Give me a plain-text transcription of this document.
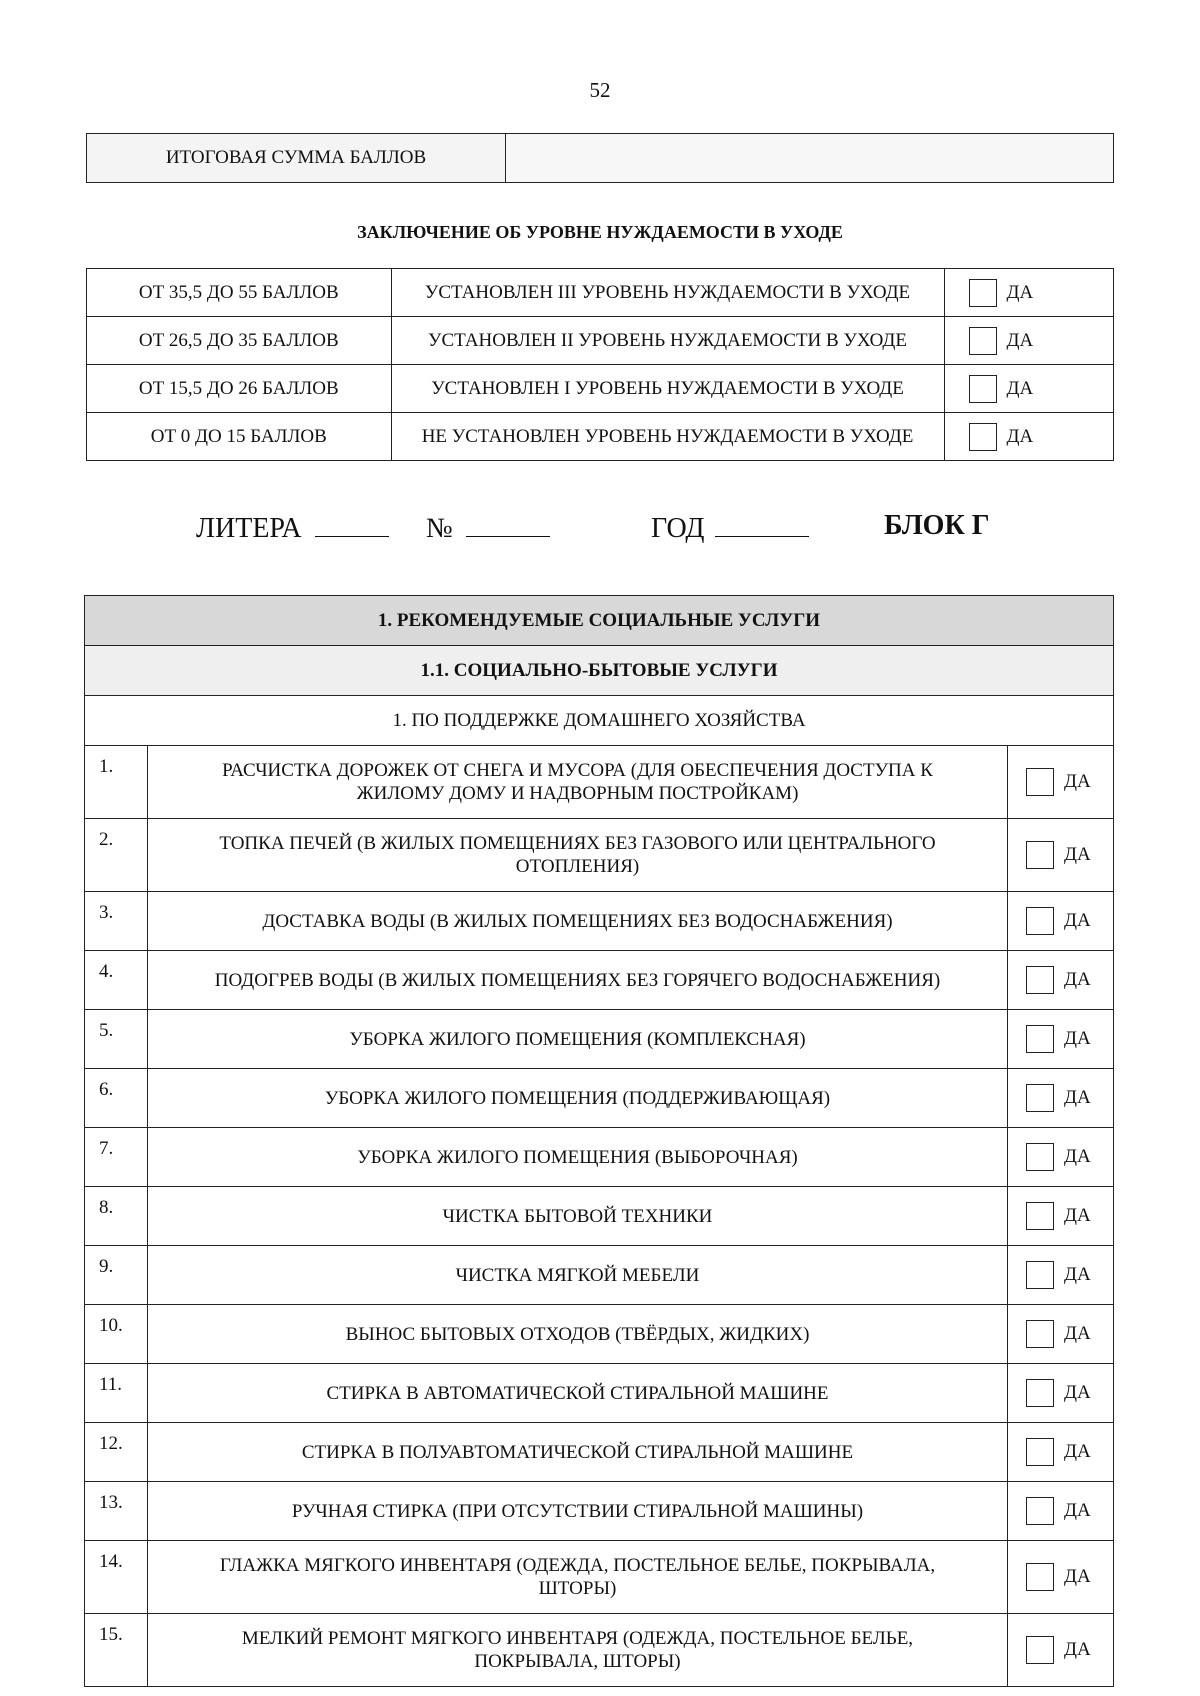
52
ИТОГОВАЯ СУММА БАЛЛОВ
ЗАКЛЮЧЕНИЕ ОБ УРОВНЕ НУЖДАЕМОСТИ В УХОДЕ
ОТ 35,5 ДО 55 БАЛЛОВ	УСТАНОВЛЕН III УРОВЕНЬ НУЖДАЕМОСТИ В УХОДЕ	ДА

ОТ 26,5 ДО 35 БАЛЛОВ	УСТАНОВЛЕН II УРОВЕНЬ НУЖДАЕМОСТИ В УХОДЕ	ДА

ОТ 15,5 ДО 26 БАЛЛОВ	УСТАНОВЛЕН I УРОВЕНЬ НУЖДАЕМОСТИ В УХОДЕ	ДА

ОТ 0 ДО 15 БАЛЛОВ	НЕ УСТАНОВЛЕН УРОВЕНЬ НУЖДАЕМОСТИ В УХОДЕ	ДА
ЛИТЕРА	№	ГОД	БЛОК Г
1. РЕКОМЕНДУЕМЫЕ СОЦИАЛЬНЫЕ УСЛУГИ		
1.1. СОЦИАЛЬНО-БЫТОВЫЕ УСЛУГИ		
1. ПО ПОДДЕРЖКЕ ДОМАШНЕГО ХОЗЯЙСТВА		
1.	РАСЧИСТКА ДОРОЖЕК ОТ СНЕГА И МУСОРА (ДЛЯ ОБЕСПЕЧЕНИЯ ДОСТУПА К ЖИЛОМУ ДОМУ И НАДВОРНЫМ ПОСТРОЙКАМ)	ДА

2.	ТОПКА ПЕЧЕЙ (В ЖИЛЫХ ПОМЕЩЕНИЯХ БЕЗ ГАЗОВОГО ИЛИ ЦЕНТРАЛЬНОГО ОТОПЛЕНИЯ)	ДА

3.	ДОСТАВКА ВОДЫ (В ЖИЛЫХ ПОМЕЩЕНИЯХ БЕЗ ВОДОСНАБЖЕНИЯ)	ДА

4.	ПОДОГРЕВ ВОДЫ (В ЖИЛЫХ ПОМЕЩЕНИЯХ БЕЗ ГОРЯЧЕГО ВОДОСНАБЖЕНИЯ)	ДА

5.	УБОРКА ЖИЛОГО ПОМЕЩЕНИЯ (КОМПЛЕКСНАЯ)	ДА

6.	УБОРКА ЖИЛОГО ПОМЕЩЕНИЯ (ПОДДЕРЖИВАЮЩАЯ)	ДА

7.	УБОРКА ЖИЛОГО ПОМЕЩЕНИЯ (ВЫБОРОЧНАЯ)	ДА

8.	ЧИСТКА БЫТОВОЙ ТЕХНИКИ	ДА

9.	ЧИСТКА МЯГКОЙ МЕБЕЛИ	ДА

10.	ВЫНОС БЫТОВЫХ ОТХОДОВ (ТВЁРДЫХ, ЖИДКИХ)	ДА

11.	СТИРКА В АВТОМАТИЧЕСКОЙ СТИРАЛЬНОЙ МАШИНЕ	ДА

12.	СТИРКА В ПОЛУАВТОМАТИЧЕСКОЙ СТИРАЛЬНОЙ МАШИНЕ	ДА

13.	РУЧНАЯ СТИРКА (ПРИ ОТСУТСТВИИ СТИРАЛЬНОЙ МАШИНЫ)	ДА

14.	ГЛАЖКА МЯГКОГО ИНВЕНТАРЯ (ОДЕЖДА, ПОСТЕЛЬНОЕ БЕЛЬЕ, ПОКРЫВАЛА, ШТОРЫ)	ДА

15.	МЕЛКИЙ РЕМОНТ МЯГКОГО ИНВЕНТАРЯ (ОДЕЖДА, ПОСТЕЛЬНОЕ БЕЛЬЕ, ПОКРЫВАЛА, ШТОРЫ)	ДА
